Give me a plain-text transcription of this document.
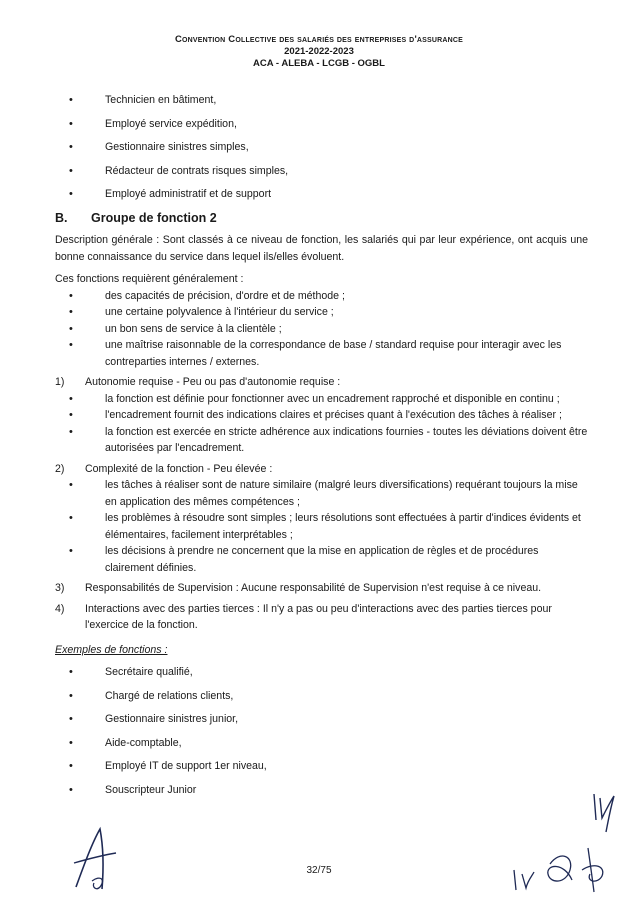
Convention Collective des salariés des entreprises d'assurance
2021-2022-2023
ACA - ALEBA - LCGB - OGBL
• Technicien en bâtiment,
• Employé service expédition,
• Gestionnaire sinistres simples,
• Rédacteur de contrats risques simples,
• Employé administratif et de support
B.	Groupe de fonction 2

Description générale : Sont classés à ce niveau de fonction, les salariés qui par leur expérience, ont acquis une bonne connaissance du service dans lequel ils/elles évoluent.

Ces fonctions requièrent généralement :
• des capacités de précision, d'ordre et de méthode ;
• une certaine polyvalence à l'intérieur du service ;
• un bon sens de service à la clientèle ;
• une maîtrise raisonnable de la correspondance de base / standard requise pour interagir avec les contreparties internes / externes.
1)	Autonomie requise - Peu ou pas d'autonomie requise :
• la fonction est définie pour fonctionner avec un encadrement rapproché et disponible en continu ;
• l'encadrement fournit des indications claires et précises quant à l'exécution des tâches à réaliser ;
• la fonction est exercée en stricte adhérence aux indications fournies - toutes les déviations doivent être autorisées par l'encadrement.
2)	Complexité de la fonction - Peu élevée :
• les tâches à réaliser sont de nature similaire (malgré leurs diversifications) requérant toujours la mise en application des mêmes compétences ;
• les problèmes à résoudre sont simples ; leurs résolutions sont effectuées à partir d'indices évidents et élémentaires, facilement interprétables ;
• les décisions à prendre ne concernent que la mise en application de règles et de procédures clairement définies.
3)	Responsabilités de Supervision : Aucune responsabilité de Supervision n'est requise à ce niveau.
4)	Interactions avec des parties tierces : Il n'y a pas ou peu d'interactions avec des parties tierces pour l'exercice de la fonction.
Exemples de fonctions :
• Secrétaire qualifié,
• Chargé de relations clients,
• Gestionnaire sinistres junior,
• Aide-comptable,
• Employé IT de support 1er niveau,
• Souscripteur Junior
32/75
